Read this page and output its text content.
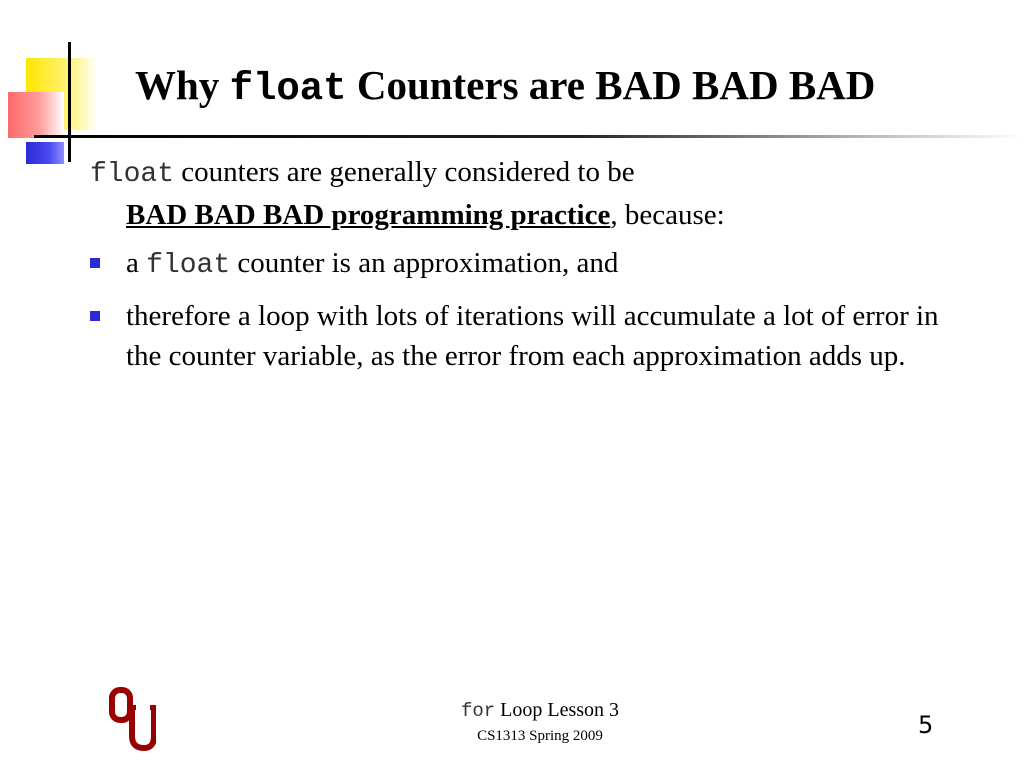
Why float Counters are BAD BAD BAD

float counters are generally considered to be

BAD BAD BAD programming practice, because:

a float counter is an approximation, and
therefore a loop with lots of iterations will accumulate a lot of error in the counter variable, as the error from each approximation adds up.
for Loop Lesson 3
CS1313 Spring 2009	5
